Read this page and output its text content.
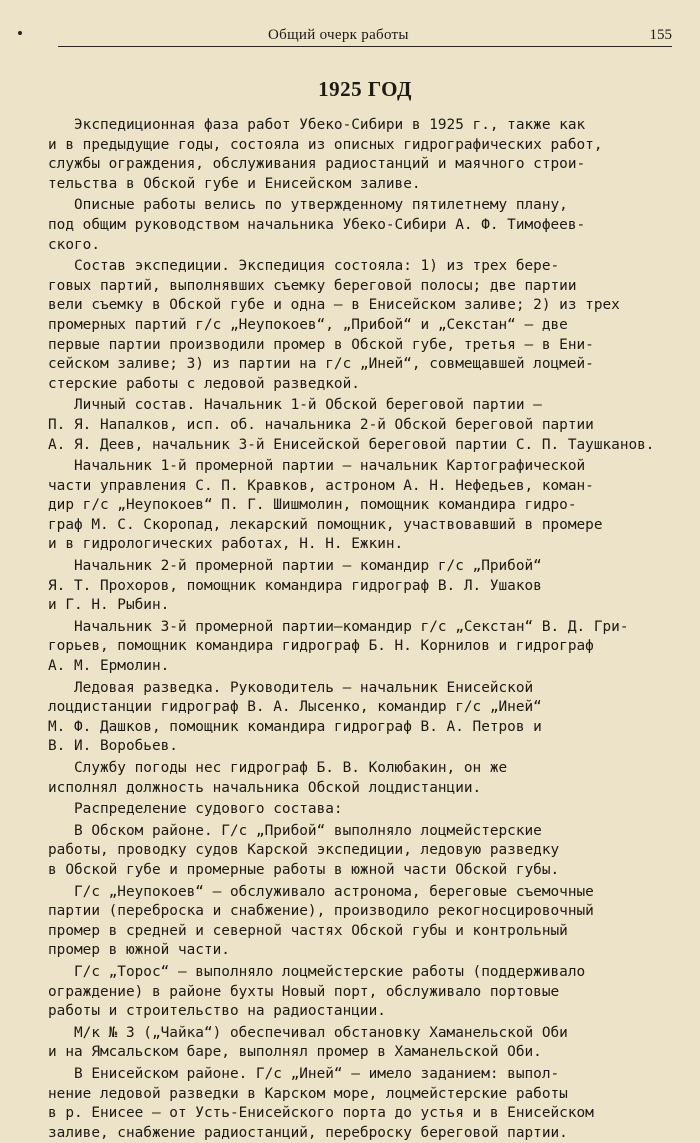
Общий очерк работы	155
1925 ГОД

Экспедиционная фаза работ Убеко-Сибири в 1925 г., также как
и в предыдущие годы, состояла из описных гидрографических работ,
службы ограждения, обслуживания радиостанций и маячного строи-
тельства в Обской губе и Енисейском заливе.

Описные работы велись по утвержденному пятилетнему плану,
под общим руководством начальника Убеко-Сибири А. Ф. Тимофеев-
ского.

Состав экспедиции. Экспедиция состояла: 1) из трех бере-
говых партий, выполнявших съемку береговой полосы; две партии
вели съемку в Обской губе и одна — в Енисейском заливе; 2) из трех
промерных партий г/с „Неупокоев“, „Прибой“ и „Секстан“ — две
первые партии производили промер в Обской губе, третья — в Ени-
сейском заливе; 3) из партии на г/с „Иней“, совмещавшей лоцмей-
стерские работы с ледовой разведкой.

Личный состав. Начальник 1-й Обской береговой партии —
П. Я. Напалков, исп. об. начальника 2-й Обской береговой партии
А. Я. Деев, начальник 3-й Енисейской береговой партии С. П. Таушканов.

Начальник 1-й промерной партии — начальник Картографической
части управления С. П. Кравков, астроном А. Н. Нефедьев, коман-
дир г/с „Неупокоев“ П. Г. Шишмолин, помощник командира гидро-
граф М. С. Скоропад, лекарский помощник, участвовавший в промере
и в гидрологических работах, Н. Н. Ежкин.

Начальник 2-й промерной партии — командир г/с „Прибой“
Я. Т. Прохоров, помощник командира гидрограф В. Л. Ушаков
и Г. Н. Рыбин.

Начальник 3-й промерной партии—командир г/с „Секстан“ В. Д. Гри-
горьев, помощник командира гидрограф Б. Н. Корнилов и гидрограф
А. М. Ермолин.

Ледовая разведка. Руководитель — начальник Енисейской
лоцдистанции гидрограф В. А. Лысенко, командир г/с „Иней“
М. Ф. Дашков, помощник командира гидрограф В. А. Петров и
В. И. Воробьев.

Службу погоды нес гидрограф Б. В. Колюбакин, он же
исполнял должность начальника Обской лоцдистанции.

Распределение судового состава:

В Обском районе. Г/с „Прибой“ выполняло лоцмейстерские
работы, проводку судов Карской экспедиции, ледовую разведку
в Обской губе и промерные работы в южной части Обской губы.

Г/с „Неупокоев“ — обслуживало астронома, береговые съемочные
партии (переброска и снабжение), производило рекогносцировочный
промер в средней и северной частях Обской губы и контрольный
промер в южной части.

Г/с „Торос“ — выполняло лоцмейстерские работы (поддерживало
ограждение) в районе бухты Новый порт, обслуживало портовые
работы и строительство на радиостанции.

М/к № 3 („Чайка“) обеспечивал обстановку Хаманельской Оби
и на Ямсальском баре, выполнял промер в Хаманельской Оби.

В Енисейском районе. Г/с „Иней“ — имело заданием: выпол-
нение ледовой разведки в Карском море, лоцмейстерские работы
в р. Енисее — от Усть-Енисейского порта до устья и в Енисейском
заливе, снабжение радиостанций, переброску береговой партии.
